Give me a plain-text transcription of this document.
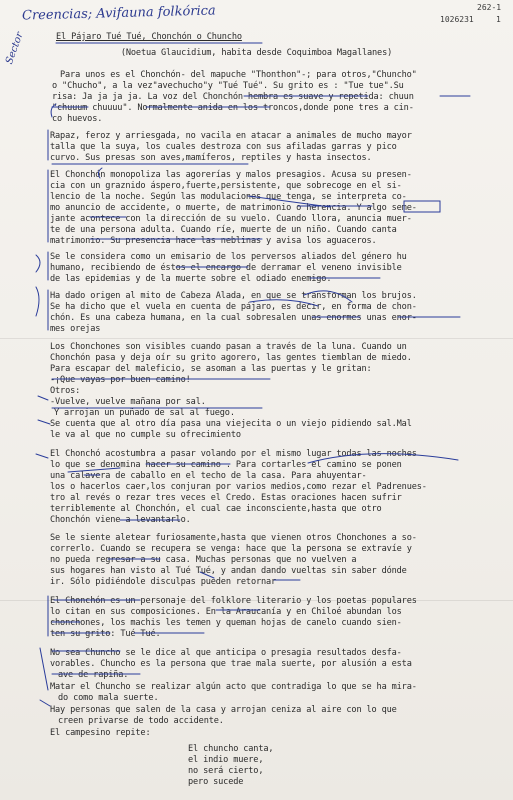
Creencias; Avifauna folkórica
Sector
262-1
1026231	1
El Pájaro Tué Tué, Chonchón o Chuncho
(Noetua Glaucidium, habita desde Coquimboa Magallanes)
Para unos es el Chonchón- del mapuche "Thonthon"-; para otros,"Chuncho"
o "Chucho", a la vez"avechucho"y "Tué Tué". Su grito es : "Tue tue".Su
risa: Ja ja ja ja. La voz del Chonchón hembra es suave y repetida: chuun
"chuuum chuuuu". Normalmente anida en los troncos,donde pone tres a cin-
co huevos.
Rapaz, feroz y arriesgada, no vacila en atacar a animales de mucho mayor
talla que la suya, los cuales destroza con sus afiladas garras y pico
curvo. Sus presas son aves,mamíferos, reptiles y hasta insectos.
El Chonchón monopoliza las agorerías y malos presagios. Acusa su presen-
cia con un graznido áspero,fuerte,persistente, que sobrecoge en el si-
lencio de la noche. Según las modulaciones que tenga, se interpreta co-
mo anuncio de accidente, o muerte, de matrimonio o herencia. Y algo seme-
jante acontece con la dirección de su vuelo. Cuando llora, anuncia muer-
te de una persona adulta. Cuando ríe, muerte de un niño. Cuando canta
matrimonio. Su presencia hace las neblinas y avisa los aguaceros.
Se le considera como un emisario de los perversos aliados del género hu
humano, recibiendo de éstos el encargo de derramar el veneno invisible
de las epidemias y de la muerte sobre el odiado enemigo.
Ha dado origen al mito de Cabeza Alada, en que se transforman los brujos.
Se ha dicho que el vuela en cuenta de pájaro, es decir, en forma de chon-
chón. Es una cabeza humana, en la cual sobresalen unas enormes unas enor-
mes orejas
Los Chonchones son visibles cuando pasan a través de la luna. Cuando un
Chonchón pasa y deja oír su grito agorero, las gentes tiemblan de miedo.
Para escapar del maleficio, se asoman a las puertas y le gritan:
-¡Que vayas por buen camino!
Otros:
-Vuelve, vuelve mañana por sal.
Y arrojan un puñado de sal al fuego.
Se cuenta que al otro día pasa una viejecita o un viejo pidiendo sal.Mal
le va al que no cumple su ofrecimiento
El Chonchó acostumbra a pasar volando por el mismo lugar todas las noches
lo que se denomina hacer su camino . Para cortarles el camino se ponen
una calavera de caballo en el techo de la casa. Para ahuyentar-
los o hacerlos caer,los conjuran por varios medios,como rezar el Padrenues-
tro al revés o rezar tres veces el Credo. Estas oraciones hacen sufrir
terriblemente al Chonchón, el cual cae inconsciente,hasta que otro
Chonchón viene a levantarlo.
Se le siente aletear furiosamente,hasta que vienen otros Chonchones a so-
correrlo. Cuando se recupera se venga: hace que la persona se extravíe y
no pueda regresar a su casa. Muchas personas que no vuelven a
sus hogares han visto al Tué Tué, y andan dando vueltas sin saber dónde
ir. Sólo pidiéndole disculpas pueden retornar
El Chonchón es un personaje del folklore literario y los poetas populares
lo citan en sus composiciones. En la Araucanía y en Chiloé abundan los
chonchones, los machis les temen y queman hojas de canelo cuando sien-
ten su grito: Tué Tué.
No sea Chuncho se le dice al que anticipa o presagia resultados desfa-
vorables. Chuncho es la persona que trae mala suerte, por alusión a esta
ave de rapiña.
Matar el Chuncho se realizar algún acto que contradiga lo que se ha mira-
do como mala suerte.
Hay personas que salen de la casa y arrojan ceniza al aire con lo que
creen privarse de todo accidente.
El campesino repite:
El chuncho canta,
el indio muere,
no será cierto,
pero sucede
